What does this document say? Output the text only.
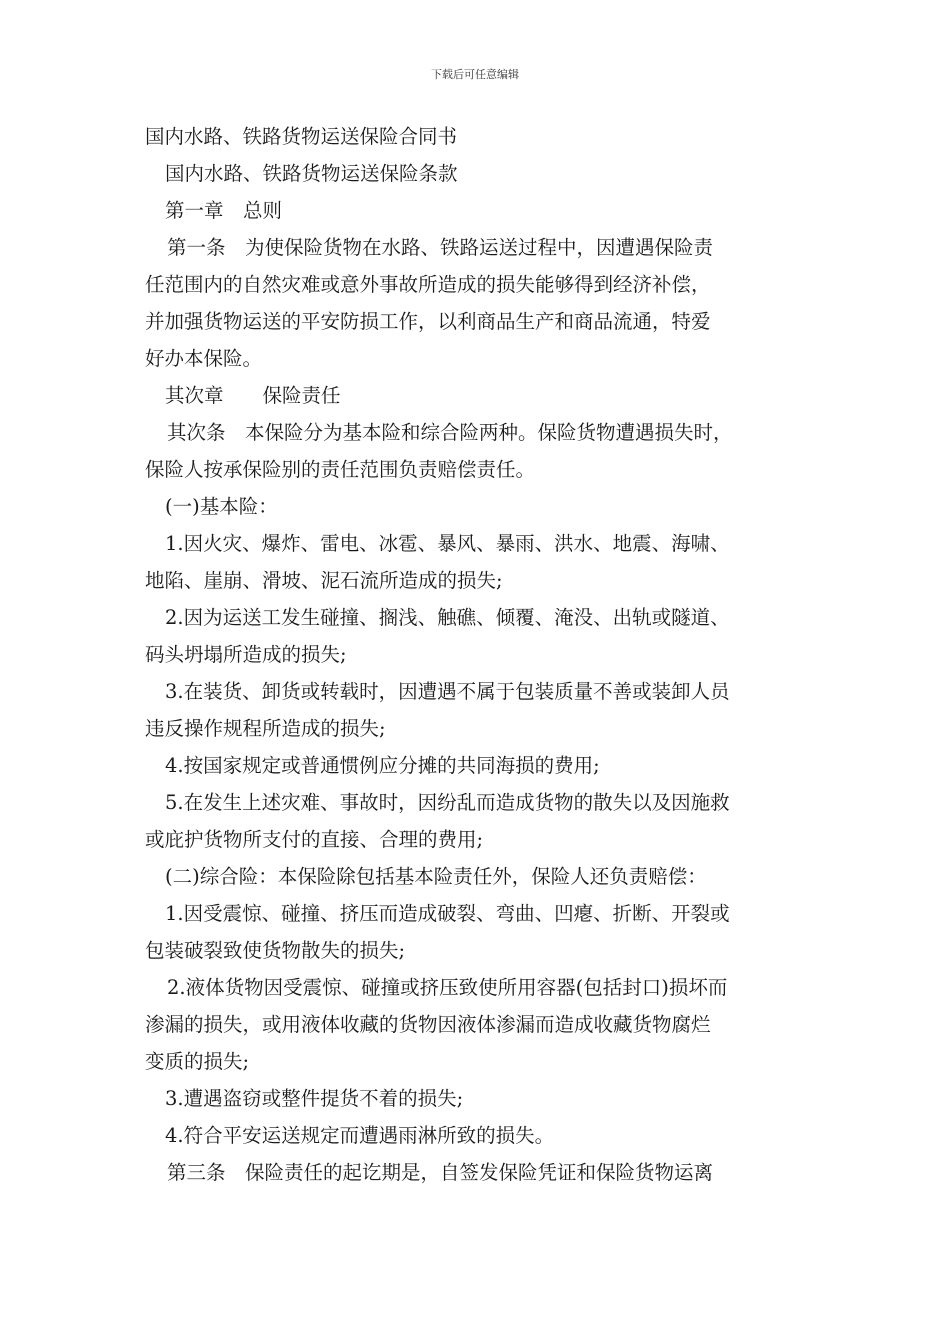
下载后可任意编辑
国内水路、铁路货物运送保险合同书
国内水路、铁路货物运送保险条款
第一章　总则
第一条　为使保险货物在水路、铁路运送过程中，因遭遇保险责
任范围内的自然灾难或意外事故所造成的损失能够得到经济补偿，
并加强货物运送的平安防损工作，以利商品生产和商品流通，特爱
好办本保险。
其次章　　保险责任
其次条　本保险分为基本险和综合险两种。保险货物遭遇损失时，
保险人按承保险别的责任范围负责赔偿责任。
(一)基本险：
1.因火灾、爆炸、雷电、冰雹、暴风、暴雨、洪水、地震、海啸、
地陷、崖崩、滑坡、泥石流所造成的损失;
2.因为运送工发生碰撞、搁浅、触礁、倾覆、淹没、出轨或隧道、
码头坍塌所造成的损失;
3.在装货、卸货或转载时，因遭遇不属于包装质量不善或装卸人员
违反操作规程所造成的损失;
4.按国家规定或普通惯例应分摊的共同海损的费用;
5.在发生上述灾难、事故时，因纷乱而造成货物的散失以及因施救
或庇护货物所支付的直接、合理的费用;
(二)综合险：本保险除包括基本险责任外，保险人还负责赔偿：
1.因受震惊、碰撞、挤压而造成破裂、弯曲、凹瘪、折断、开裂或
包装破裂致使货物散失的损失;
2.液体货物因受震惊、碰撞或挤压致使所用容器(包括封口)损坏而
渗漏的损失，或用液体收藏的货物因液体渗漏而造成收藏货物腐烂
变质的损失;
3.遭遇盗窃或整件提货不着的损失;
4.符合平安运送规定而遭遇雨淋所致的损失。
第三条　保险责任的起讫期是，自签发保险凭证和保险货物运离
